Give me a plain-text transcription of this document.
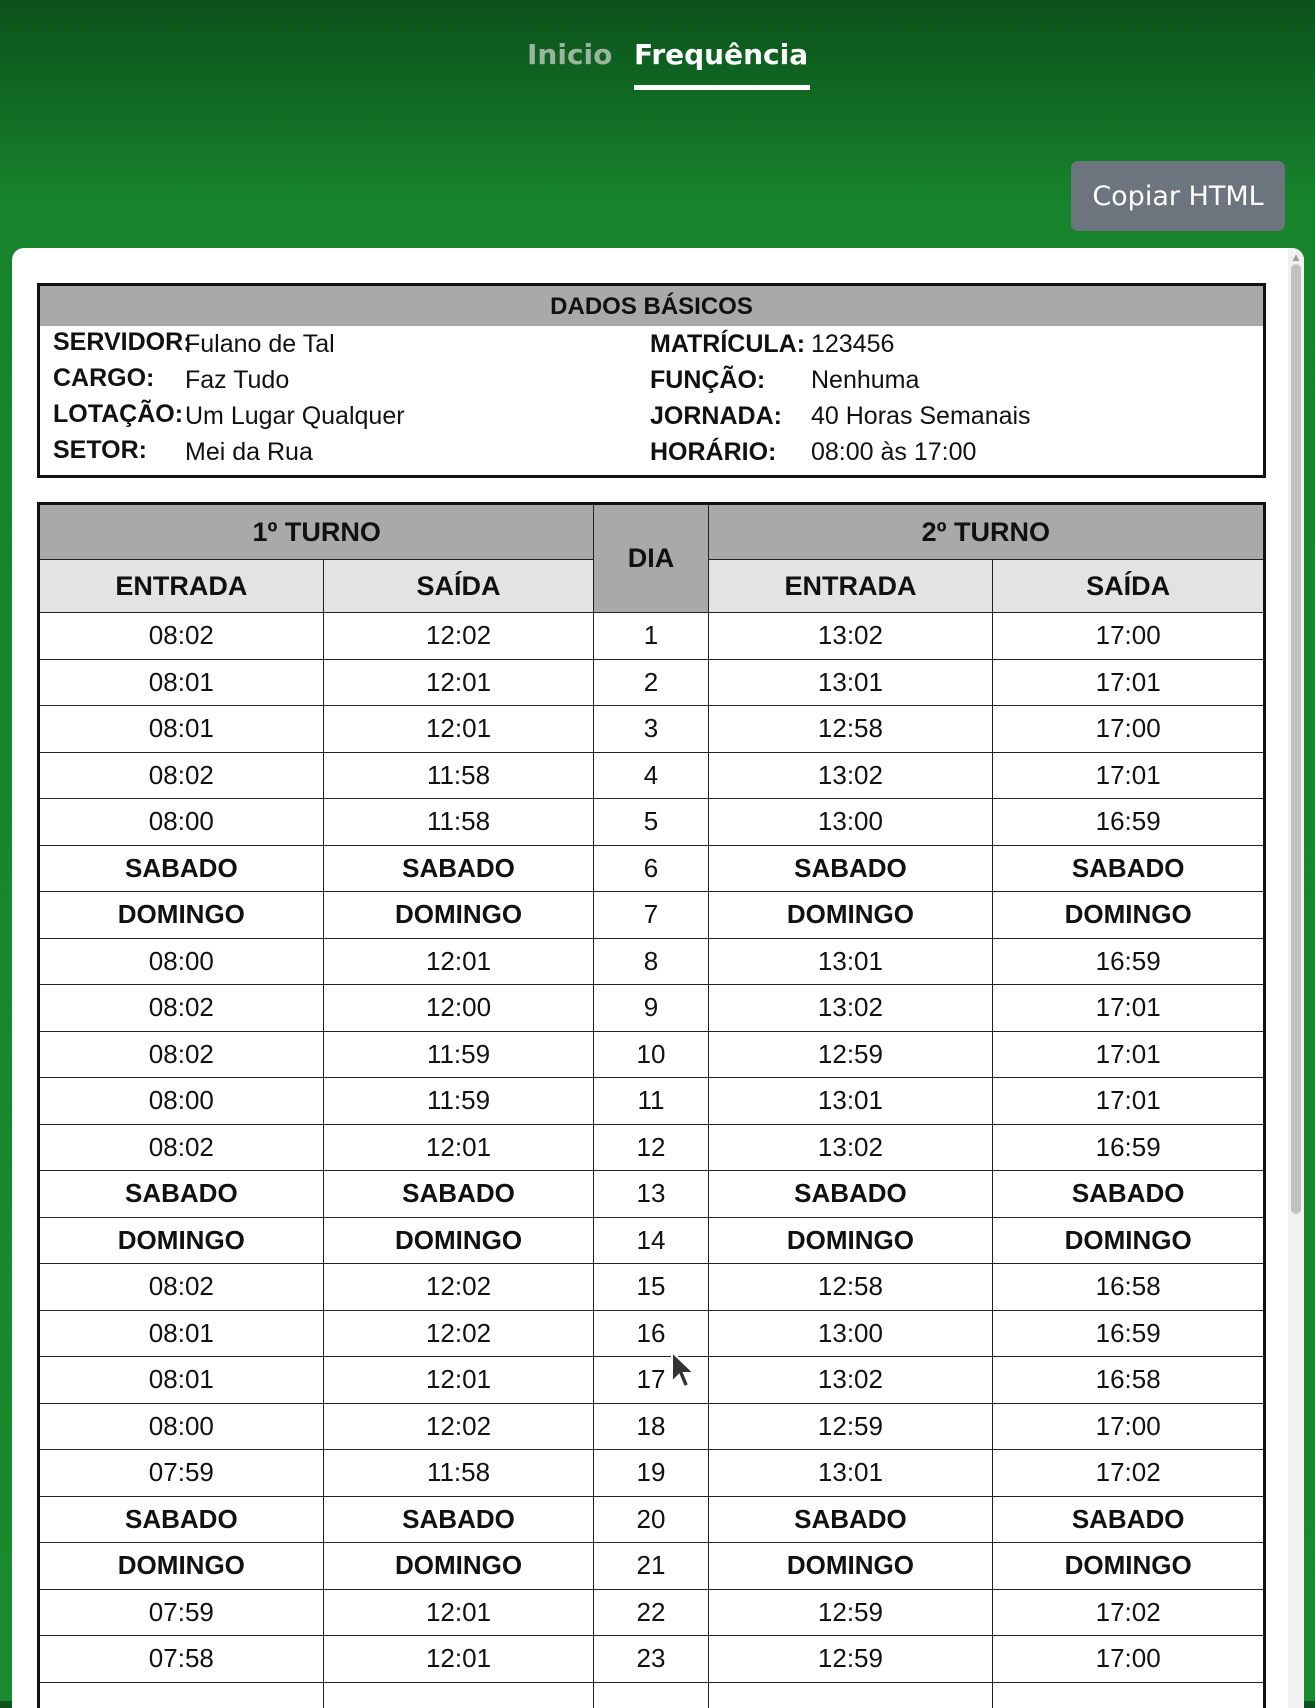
Inicio Frequência
Copiar HTML
DADOS BÁSICOS
SERVIDOR:
Fulano de Tal	MATRÍCULA: 123456
CARGO: Faz Tudo	FUNÇÃO: Nenhuma
LOTAÇÃO: Um Lugar Qualquer	JORNADA: 40 Horas Semanais
SETOR: Mei da Rua	HORÁRIO: 08:00 às 17:00
1º TURNO		DIA	2º TURNO	
ENTRADA	SAÍDA		ENTRADA	SAÍDA
08:02	12:02	1	13:02	17:00
08:01	12:01	2	13:01	17:01
08:01	12:01	3	12:58	17:00
08:02	11:58	4	13:02	17:01
08:00	11:58	5	13:00	16:59
SABADO	SABADO	6	SABADO	SABADO
DOMINGO	DOMINGO	7	DOMINGO	DOMINGO
08:00	12:01	8	13:01	16:59
08:02	12:00	9	13:02	17:01
08:02	11:59	10	12:59	17:01
08:00	11:59	11	13:01	17:01
08:02	12:01	12	13:02	16:59
SABADO	SABADO	13	SABADO	SABADO
DOMINGO	DOMINGO	14	DOMINGO	DOMINGO
08:02	12:02	15	12:58	16:58
08:01	12:02	16	13:00	16:59
08:01	12:01	17	13:02	16:58
08:00	12:02	18	12:59	17:00
07:59	11:58	19	13:01	17:02
SABADO	SABADO	20	SABADO	SABADO
DOMINGO	DOMINGO	21	DOMINGO	DOMINGO
07:59	12:01	22	12:59	17:02
07:58	12:01	23	12:59	17:00

▲
